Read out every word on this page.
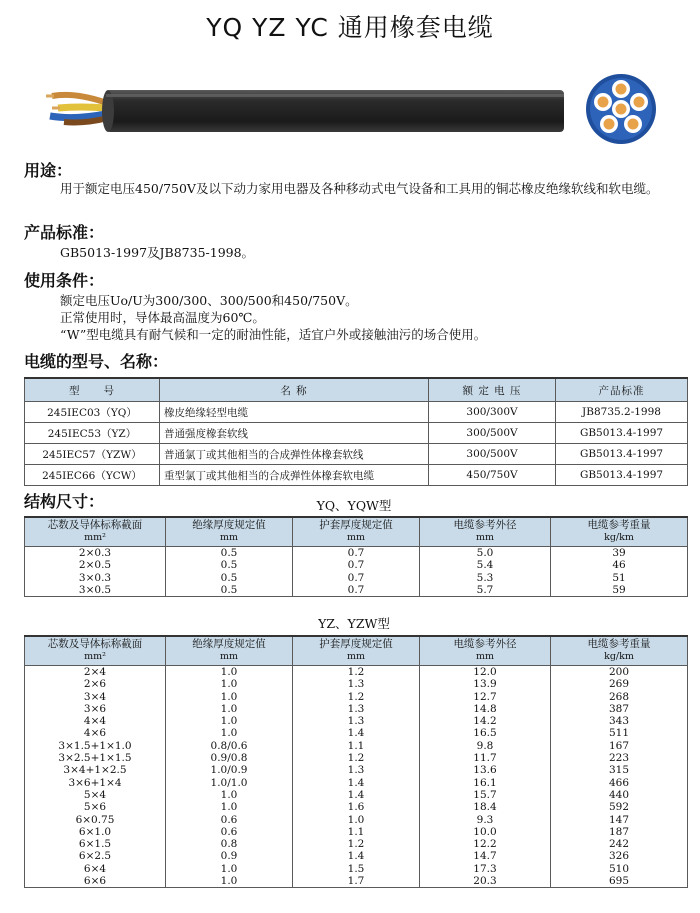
YQ YZ YC 通用橡套电缆
用途：
用于额定电压450/750V及以下动力家用电器及各种移动式电气设备和工具用的铜芯橡皮绝缘软线和软电缆。
产品标准：
GB5013-1997及JB8735-1998。
使用条件：
额定电压Uo/U为300/300、300/500和450/750V。
正常使用时，导体最高温度为60℃。
“W”型电缆具有耐气候和一定的耐油性能，适宜户外或接触油污的场合使用。
电缆的型号、名称：
型　　号	名 称	额 定 电 压	产品标准
245IEC03（YQ）	橡皮绝缘轻型电缆	300/300V	JB8735.2-1998
245IEC53（YZ）	普通强度橡套软线	300/500V	GB5013.4-1997
245IEC57（YZW）	普通氯丁或其他相当的合成弹性体橡套软线	300/500V	GB5013.4-1997
245IEC66（YCW）	重型氯丁或其他相当的合成弹性体橡套软电缆	450/750V	GB5013.4-1997
结构尺寸：	YQ、YQW型
芯数及导体标称截面
mm²	绝缘厚度规定值
mm	护套厚度规定值
mm	电缆参考外径
mm	电缆参考重量
kg/km
2×0.3	0.5	0.7	5.0	39
2×0.5	0.5	0.7	5.4	46
3×0.3	0.5	0.7	5.3	51
3×0.5	0.5	0.7	5.7	59
YZ、YZW型
芯数及导体标称截面
mm²	绝缘厚度规定值
mm	护套厚度规定值
mm	电缆参考外径
mm	电缆参考重量
kg/km
2×4	1.0	1.2	12.0	200
2×6	1.0	1.3	13.9	269
3×4	1.0	1.2	12.7	268
3×6	1.0	1.3	14.8	387
4×4	1.0	1.3	14.2	343
4×6	1.0	1.4	16.5	511
3×1.5+1×1.0	0.8/0.6	1.1	9.8	167
3×2.5+1×1.5	0.9/0.8	1.2	11.7	223
3×4+1×2.5	1.0/0.9	1.3	13.6	315
3×6+1×4	1.0/1.0	1.4	16.1	466
5×4	1.0	1.4	15.7	440
5×6	1.0	1.6	18.4	592
6×0.75	0.6	1.0	9.3	147
6×1.0	0.6	1.1	10.0	187
6×1.5	0.8	1.2	12.2	242
6×2.5	0.9	1.4	14.7	326
6×4	1.0	1.5	17.3	510
6×6	1.0	1.7	20.3	695
